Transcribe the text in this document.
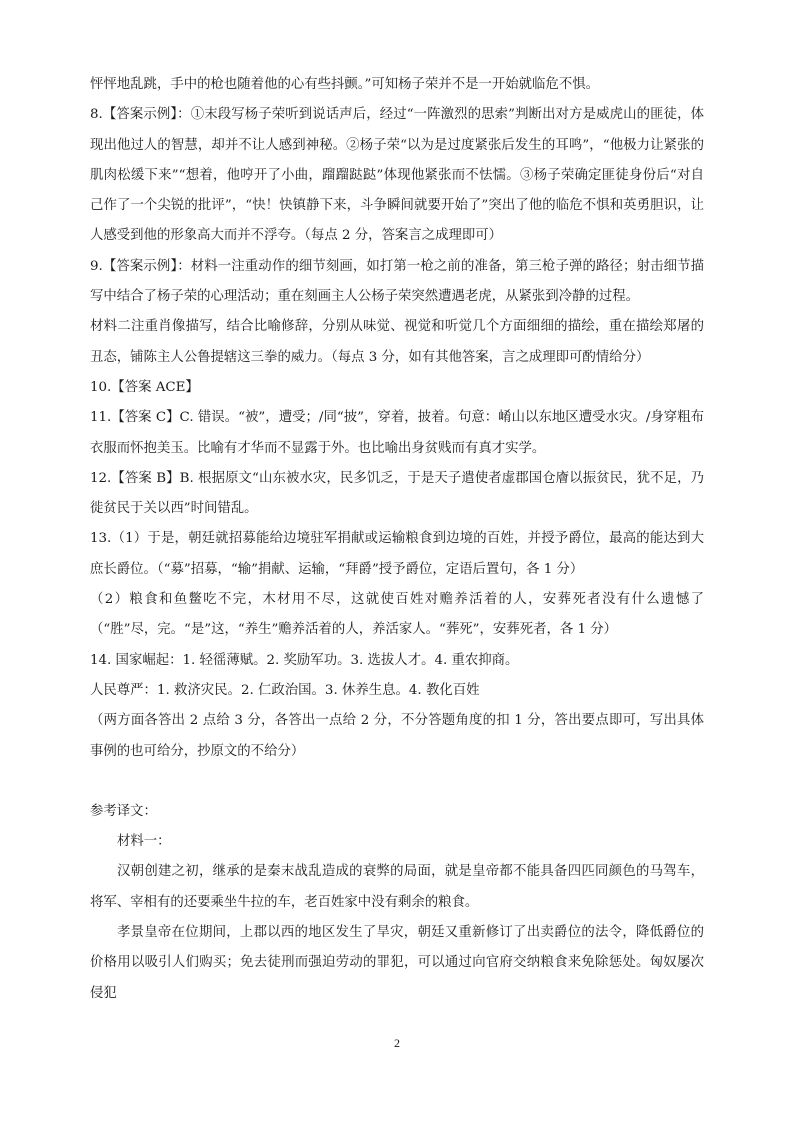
怦怦地乱跳，手中的枪也随着他的心有些抖颤。”可知杨子荣并不是一开始就临危不惧。

8.【答案示例】：①末段写杨子荣听到说话声后，经过“一阵激烈的思索”判断出对方是威虎山的匪徒，体现出他过人的智慧，却并不让人感到神秘。②杨子荣“以为是过度紧张后发生的耳鸣”，“他极力让紧张的肌肉松缓下来”“想着，他哼开了小曲，蹓蹓跶跶”体现他紧张而不怯懦。③杨子荣确定匪徒身份后“对自己作了一个尖锐的批评”，“快！快镇静下来，斗争瞬间就要开始了”突出了他的临危不惧和英勇胆识，让人感受到他的形象高大而并不浮夸。（每点 2 分，答案言之成理即可）

9.【答案示例】：材料一注重动作的细节刻画，如打第一枪之前的准备，第三枪子弹的路径；射击细节描写中结合了杨子荣的心理活动；重在刻画主人公杨子荣突然遭遇老虎，从紧张到冷静的过程。

材料二注重肖像描写，结合比喻修辞，分别从味觉、视觉和听觉几个方面细细的描绘，重在描绘郑屠的丑态，铺陈主人公鲁提辖这三拳的威力。（每点 3 分，如有其他答案，言之成理即可酌情给分）

10.【答案 ACE】

11.【答案 C】C. 错误。“被”，遭受；/同“披”，穿着，披着。句意：崤山以东地区遭受水灾。/身穿粗布衣服而怀抱美玉。比喻有才华而不显露于外。也比喻出身贫贱而有真才实学。

12.【答案 B】B. 根据原文“山东被水灾，民多饥乏，于是天子遣使者虚郡国仓廥以振贫民，犹不足，乃徙贫民于关以西”时间错乱。

13.（1）于是，朝廷就招募能给边境驻军捐献或运输粮食到边境的百姓，并授予爵位，最高的能达到大庶长爵位。（“募”招募，“输”捐献、运输，“拜爵”授予爵位，定语后置句，各 1 分）

（2）粮食和鱼鳖吃不完，木材用不尽，这就使百姓对赡养活着的人，安葬死者没有什么遗憾了（“胜”尽，完。“是”这，“养生”赡养活着的人，养活家人。“葬死”，安葬死者，各 1 分）

14. 国家崛起：1. 轻徭薄赋。2. 奖励军功。3. 选拔人才。4. 重农抑商。

人民尊严：1. 救济灾民。2. 仁政治国。3. 休养生息。4. 教化百姓

（两方面各答出 2 点给 3 分，各答出一点给 2 分，不分答题角度的扣 1 分，答出要点即可，写出具体事例的也可给分，抄原文的不给分）

参考译文：

材料一：

汉朝创建之初，继承的是秦末战乱造成的衰弊的局面，就是皇帝都不能具备四匹同颜色的马驾车，将军、宰相有的还要乘坐牛拉的车，老百姓家中没有剩余的粮食。

孝景皇帝在位期间，上郡以西的地区发生了旱灾，朝廷又重新修订了出卖爵位的法令，降低爵位的价格用以吸引人们购买；免去徒刑而强迫劳动的罪犯，可以通过向官府交纳粮食来免除惩处。匈奴屡次侵犯

2
